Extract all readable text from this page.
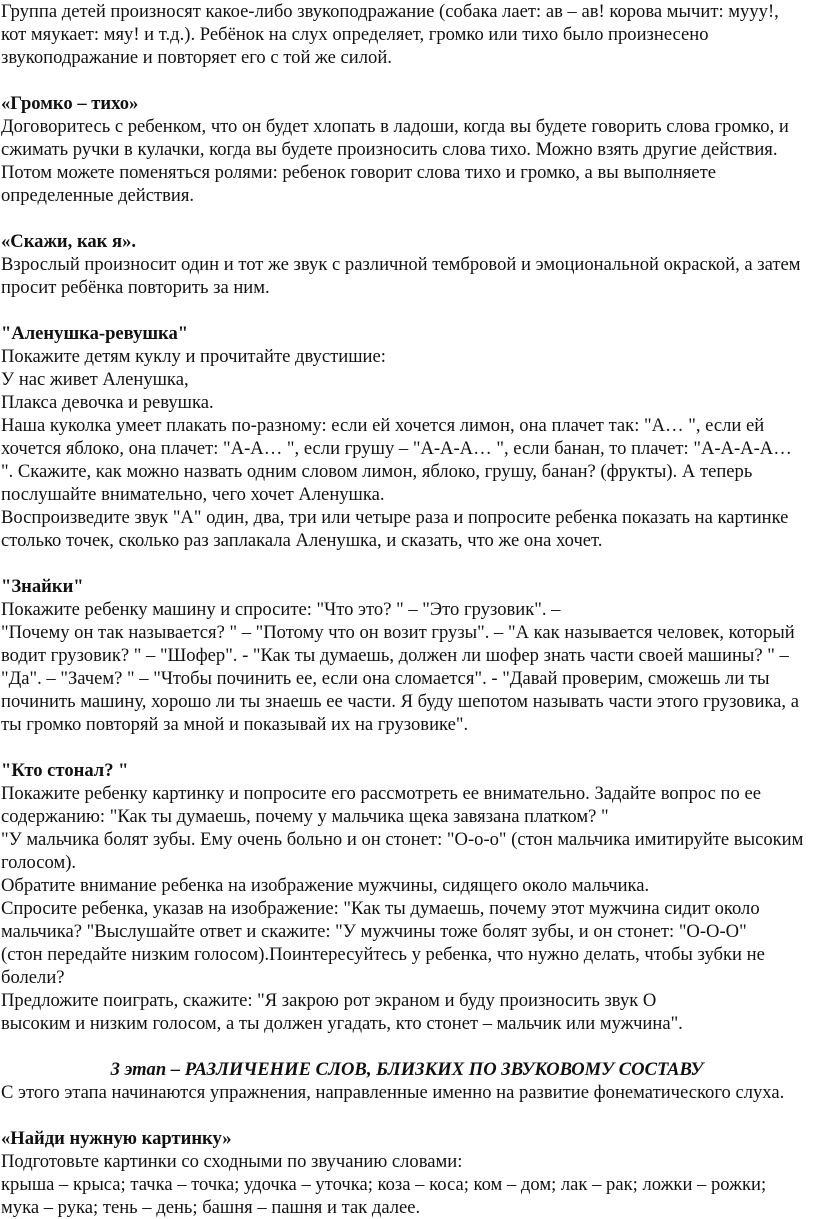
Группа детей произносят какое-либо звукоподражание (собака лает: ав – ав! корова мычит: мууу!,

кот мяукает: мяу! и т.д.). Ребёнок на слух определяет, громко или тихо было произнесено

звукоподражание и повторяет его с той же силой.

«Громко – тихо»

Договоритесь с ребенком, что он будет хлопать в ладоши, когда вы будете говорить слова громко, и

сжимать ручки в кулачки, когда вы будете произносить слова тихо. Можно взять другие действия.

Потом можете поменяться ролями: ребенок говорит слова тихо и громко, а вы выполняете

определенные действия.

«Скажи, как я».

Взрослый произносит один и тот же звук с различной тембровой и эмоциональной окраской, а затем

просит ребёнка повторить за ним.

"Аленушка-ревушка"

Покажите детям куклу и прочитайте двустишие:

У нас живет Аленушка,

Плакса девочка и ревушка.

Наша куколка умеет плакать по-разному: если ей хочется лимон, она плачет так: "А… ", если ей

хочется яблоко, она плачет: "А-А… ", если грушу – "А-А-А… ", если банан, то плачет: "А-А-А-А…

". Скажите, как можно назвать одним словом лимон, яблоко, грушу, банан? (фрукты). А теперь

послушайте внимательно, чего хочет Аленушка.

Воспроизведите звук "А" один, два, три или четыре раза и попросите ребенка показать на картинке

столько точек, сколько раз заплакала Аленушка, и сказать, что же она хочет.

"Знайки"

Покажите ребенку машину и спросите: "Что это? " – "Это грузовик". –

"Почему он так называется? " – "Потому что он возит грузы". – "А как называется человек, который

водит грузовик? " – "Шофер". - "Как ты думаешь, должен ли шофер знать части своей машины? " –

"Да". – "Зачем? " – "Чтобы починить ее, если она сломается". - "Давай проверим, сможешь ли ты

починить машину, хорошо ли ты знаешь ее части. Я буду шепотом называть части этого грузовика, а

ты громко повторяй за мной и показывай их на грузовике".

"Кто стонал? "

Покажите ребенку картинку и попросите его рассмотреть ее внимательно. Задайте вопрос по ее

содержанию: "Как ты думаешь, почему у мальчика щека завязана платком? "

"У мальчика болят зубы. Ему очень больно и он стонет: "О-о-о" (стон мальчика имитируйте высоким

голосом).

Обратите внимание ребенка на изображение мужчины, сидящего около мальчика.

Спросите ребенка, указав на изображение: "Как ты думаешь, почему этот мужчина сидит около

мальчика? "Выслушайте ответ и скажите: "У мужчины тоже болят зубы, и он стонет: "О-О-О"

(стон передайте низким голосом).Поинтересуйтесь у ребенка, что нужно делать, чтобы зубки не

болели?

Предложите поиграть, скажите: "Я закрою рот экраном и буду произносить звук О

высоким и низким голосом, а ты должен угадать, кто стонет – мальчик или мужчина".

3 этап – РАЗЛИЧЕНИЕ СЛОВ, БЛИЗКИХ ПО ЗВУКОВОМУ СОСТАВУ

С этого этапа начинаются упражнения, направленные именно на развитие фонематического слуха.

«Найди нужную картинку»

Подготовьте картинки со сходными по звучанию словами:

крыша – крыса; тачка – точка; удочка – уточка; коза – коса; ком – дом; лак – рак; ложки – рожки;

мука – рука; тень – день; башня – пашня и так далее.
